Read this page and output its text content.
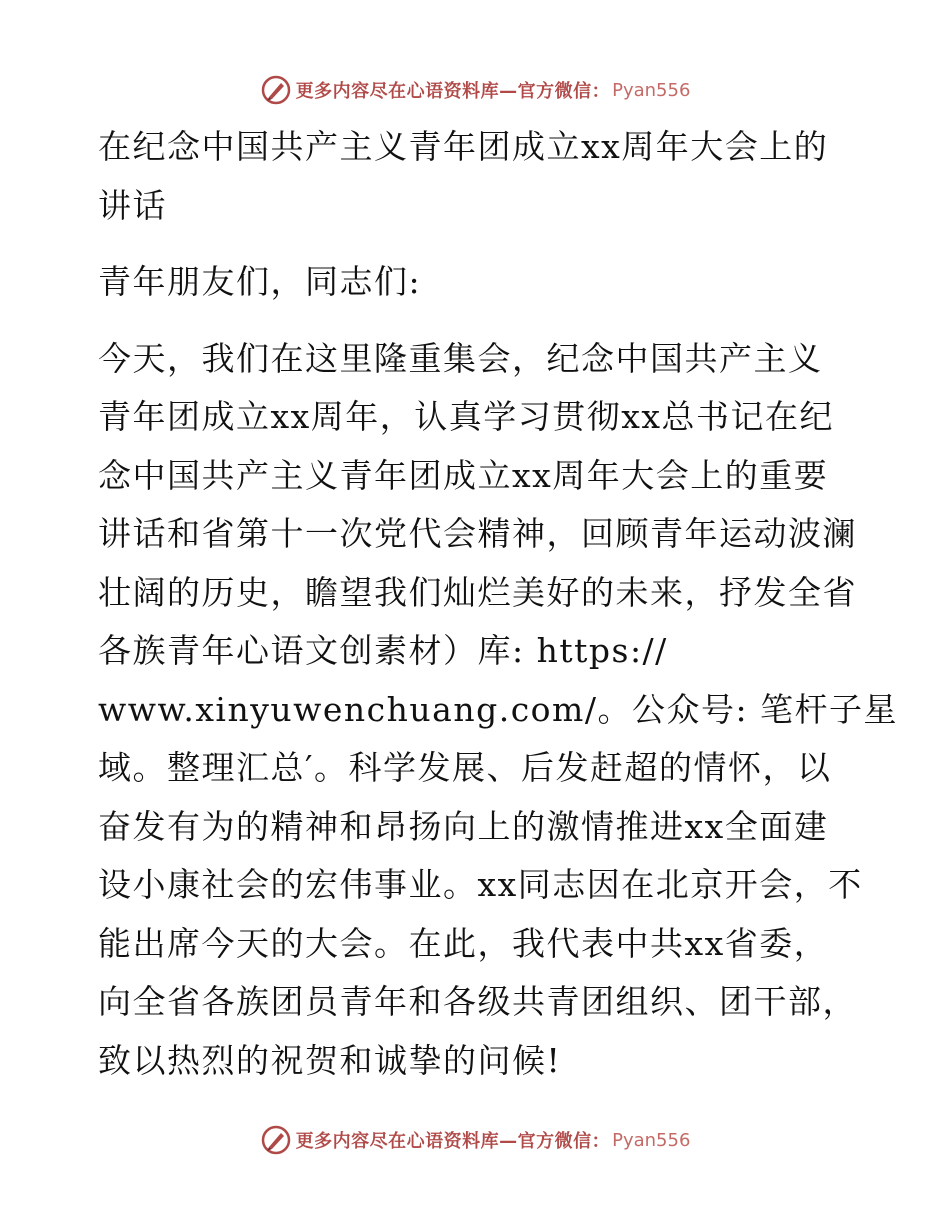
更多内容尽在心语资料库—官方微信： Pyan556
在纪念中国共产主义青年团成立xx周年大会上的
讲话
青年朋友们，同志们:
今天，我们在这里隆重集会，纪念中国共产主义
青年团成立xx周年，认真学习贯彻xx总书记在纪
念中国共产主义青年团成立xx周年大会上的重要
讲话和省第十一次党代会精神，回顾青年运动波澜
壮阔的历史，瞻望我们灿烂美好的未来，抒发全省
各族青年心语文创素材）库: https://
www.xinyuwenchuang.com/。公众号: 笔杆子星
域。整理汇总′。科学发展、后发赶超的情怀，以
奋发有为的精神和昂扬向上的激情推进xx全面建
设小康社会的宏伟事业。xx同志因在北京开会，不
能出席今天的大会。在此，我代表中共xx省委，
向全省各族团员青年和各级共青团组织、团干部，
致以热烈的祝贺和诚挚的问候!
更多内容尽在心语资料库—官方微信： Pyan556
